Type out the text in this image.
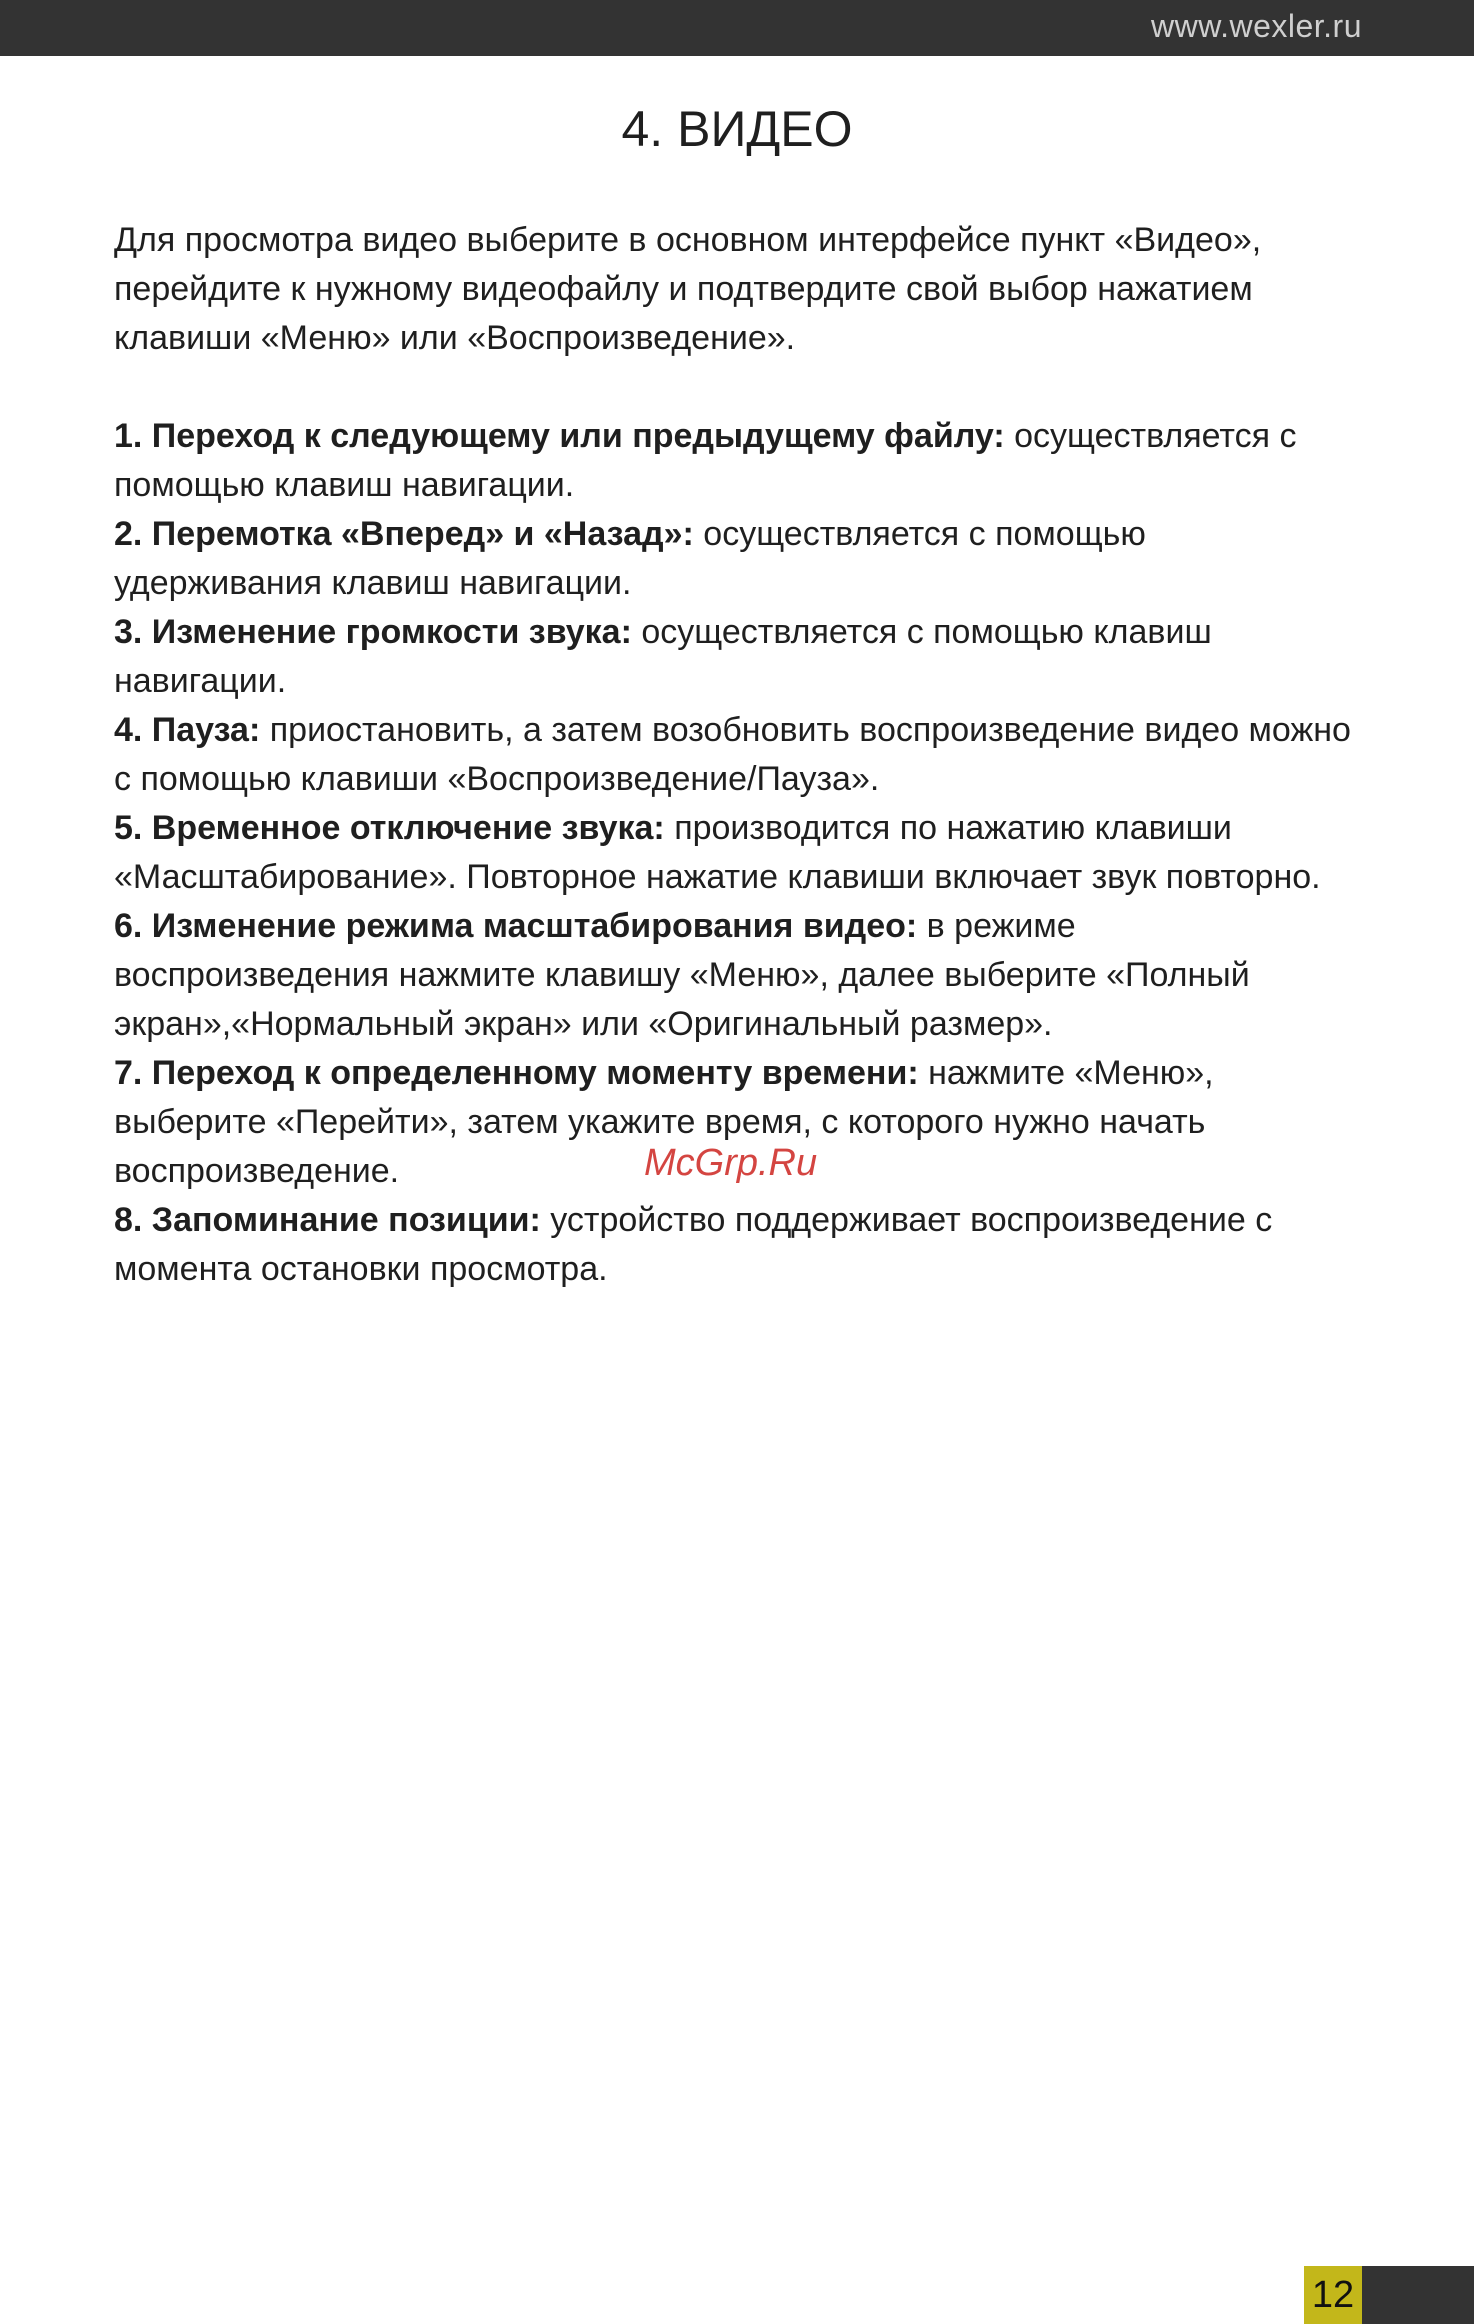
www.wexler.ru
4. ВИДЕО

Для просмотра видео выберите в основном интерфейсе пункт «Видео», перейдите к нужному видеофайлу и подтвердите свой выбор нажатием клавиши «Меню» или «Воспроизведение».

1. Переход к следующему или предыдущему файлу: осуществляется с помощью клавиш навигации.

2. Перемотка «Вперед» и «Назад»: осуществляется с помощью удерживания клавиш навигации.

3. Изменение громкости звука: осуществляется с помощью клавиш навигации.

4. Пауза: приостановить, а затем возобновить воспроизведение видео можно с помощью клавиши «Воспроизведение/Пауза».

5. Временное отключение звука: производится по нажатию клавиши «Масштабирование». Повторное нажатие клавиши включает звук повторно.

6. Изменение режима масштабирования видео: в режиме воспроизведения нажмите клавишу «Меню», далее выберите «Полный экран»,«Нормальный экран» или «Оригинальный размер».

7. Переход к определенному моменту времени: нажмите «Меню», выберите «Перейти», затем укажите время, с которого нужно начать воспроизведение.

8. Запоминание позиции: устройство поддерживает воспроизведение с момента остановки просмотра.

McGrp.Ru
12
